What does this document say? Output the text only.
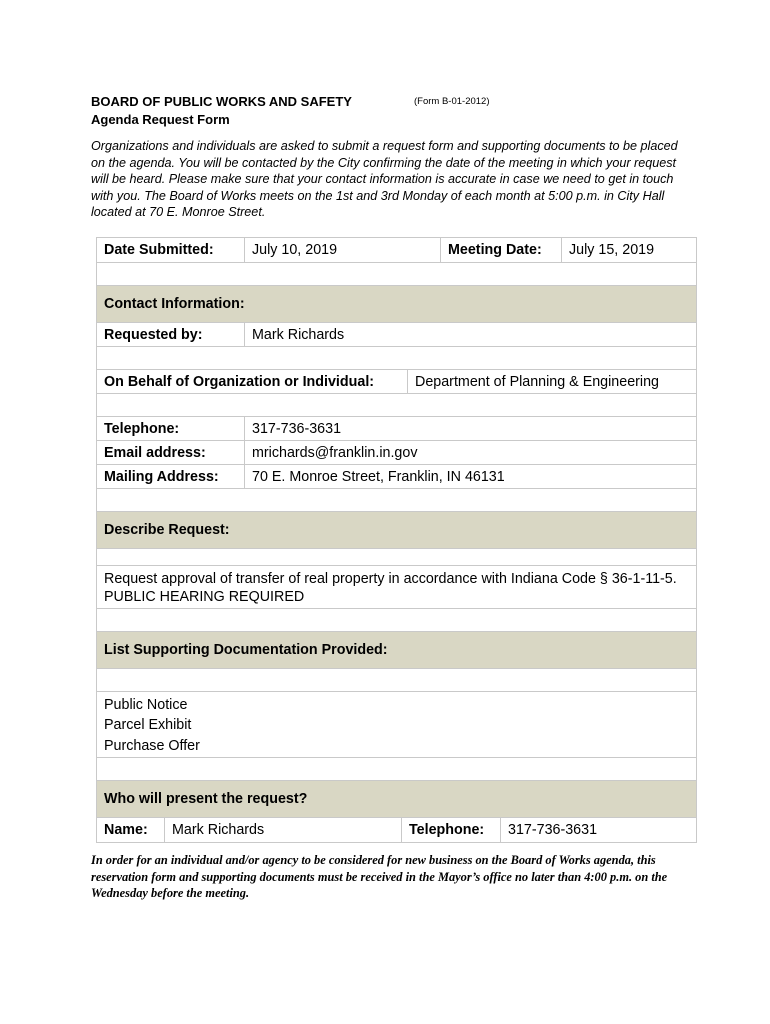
BOARD OF PUBLIC WORKS AND SAFETY	(Form B-01-2012)
Agenda Request Form

Organizations and individuals are asked to submit a request form and supporting documents to be placed on the agenda. You will be contacted by the City confirming the date of the meeting in which your request will be heard. Please make sure that your contact information is accurate in case we need to get in touch with you. The Board of Works meets on the 1st and 3rd Monday of each month at 5:00 p.m. in City Hall located at 70 E. Monroe Street.

Date Submitted:	July 10, 2019	Meeting Date:	July 15, 2019
Contact Information:
Requested by:	Mark Richards
On Behalf of Organization or Individual:	Department of Planning & Engineering
Telephone:	317-736-3631
Email address:	mrichards@franklin.in.gov
Mailing Address:	70 E. Monroe Street, Franklin, IN 46131
Describe Request:
Request approval of transfer of real property in accordance with Indiana Code § 36-1-11-5. PUBLIC HEARING REQUIRED
List Supporting Documentation Provided:
Public Notice
Parcel Exhibit
Purchase Offer
Who will present the request?
Name:	Mark Richards	Telephone:	317-736-3631

In order for an individual and/or agency to be considered for new business on the Board of Works agenda, this reservation form and supporting documents must be received in the Mayor’s office no later than 4:00 p.m. on the Wednesday before the meeting.
